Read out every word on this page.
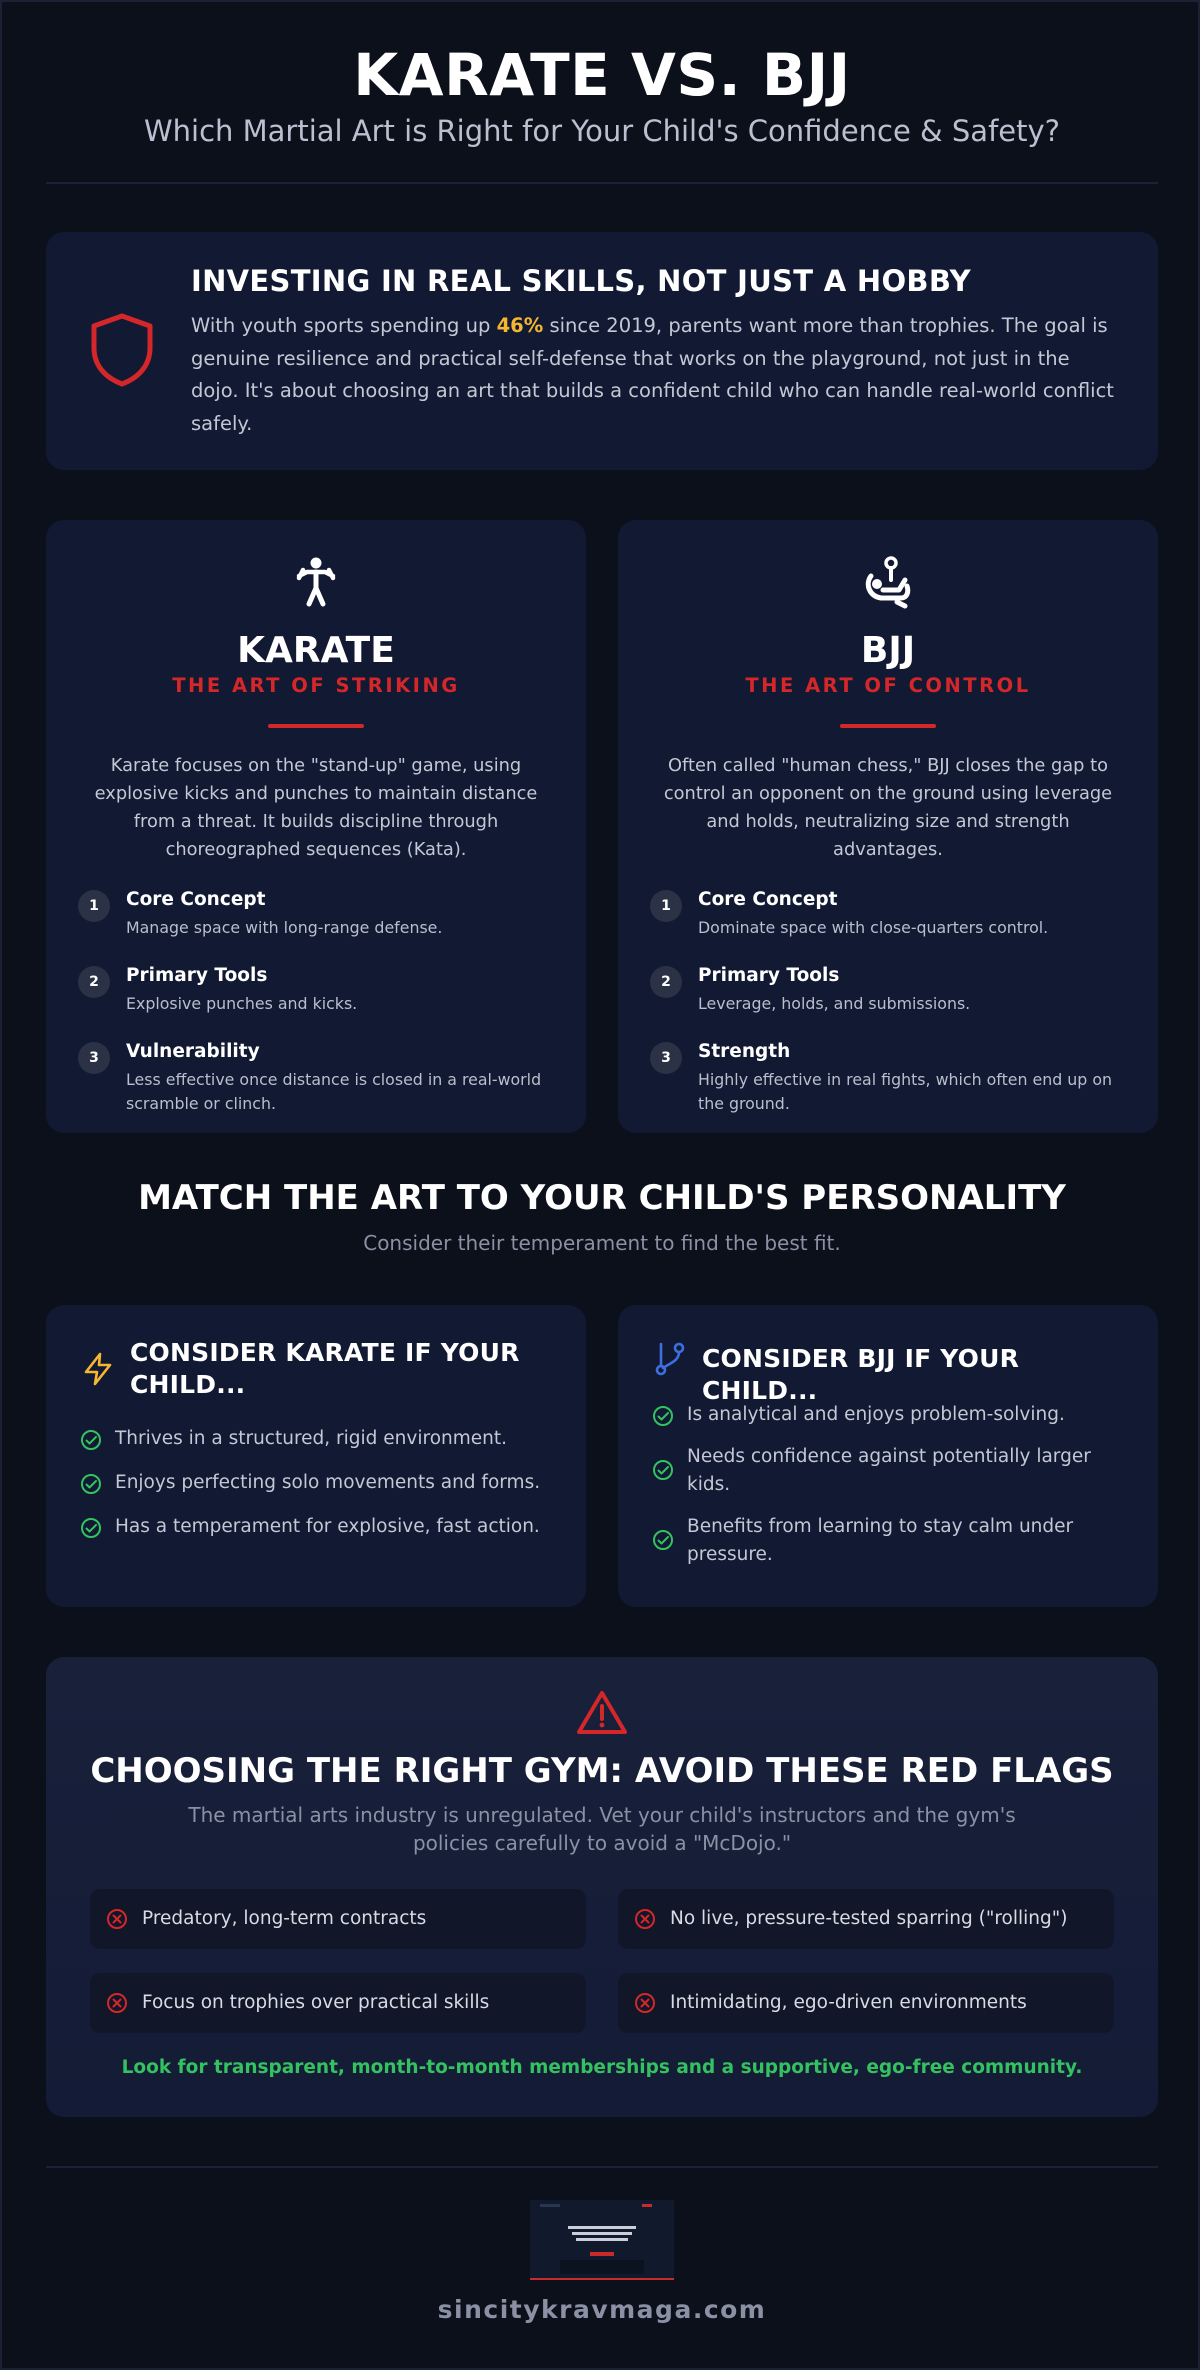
KARATE VS. BJJ
Which Martial Art is Right for Your Child's Confidence & Safety?
INVESTING IN REAL SKILLS, NOT JUST A HOBBY

With youth sports spending up 46% since 2019, parents want more than trophies. The goal is genuine resilience and practical self-defense that works on the playground, not just in the dojo. It's about choosing an art that builds a confident child who can handle real-world conflict safely.

KARATE
THE ART OF STRIKING
Karate focuses on the "stand-up" game, using explosive kicks and punches to maintain distance from a threat. It builds discipline through choreographed sequences (Kata).
1	Core Concept
Manage space with long-range defense.
2	Primary Tools
Explosive punches and kicks.
3	Vulnerability
Less effective once distance is closed in a real-world scramble or clinch.
BJJ
THE ART OF CONTROL
Often called "human chess," BJJ closes the gap to control an opponent on the ground using leverage and holds, neutralizing size and strength advantages.
1	Core Concept
Dominate space with close-quarters control.
2	Primary Tools
Leverage, holds, and submissions.
3	Strength
Highly effective in real fights, which often end up on the ground.
MATCH THE ART TO YOUR CHILD'S PERSONALITY
Consider their temperament to find the best fit.
CONSIDER KARATE IF YOUR CHILD...
Thrives in a structured, rigid environment.
Enjoys perfecting solo movements and forms.
Has a temperament for explosive, fast action.
CONSIDER BJJ IF YOUR CHILD...
Is analytical and enjoys problem-solving.
Needs confidence against potentially larger kids.
Benefits from learning to stay calm under pressure.
CHOOSING THE RIGHT GYM: AVOID THESE RED FLAGS
The martial arts industry is unregulated. Vet your child's instructors and the gym's policies carefully to avoid a "McDojo."
Predatory, long-term contracts	No live, pressure-tested sparring ("rolling")
Focus on trophies over practical skills	Intimidating, ego-driven environments
Look for transparent, month-to-month memberships and a supportive, ego-free community.
sincitykravmaga.com
